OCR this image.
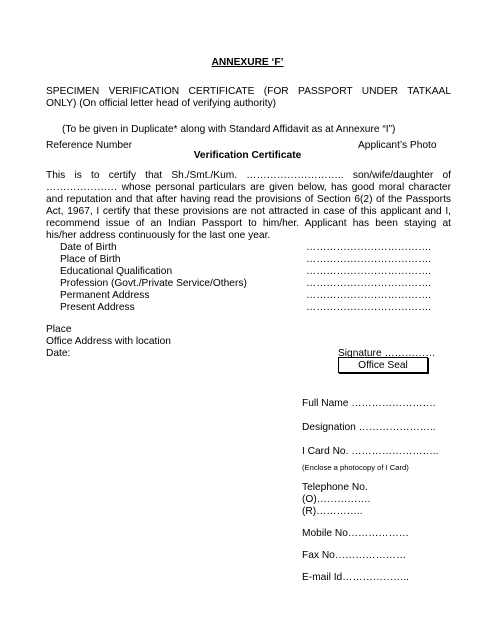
ANNEXURE ‘F’
SPECIMEN VERIFICATION CERTIFICATE (FOR PASSPORT UNDER TATKAAL
ONLY) (On official letter head of verifying authority)
(To be given in Duplicate* along with Standard Affidavit as at Annexure “I”)
Reference Number	Applicant’s Photo
Verification Certificate
This is to certify that Sh./Smt./Kum. ……………………….. son/wife/daughter of
………………… whose personal particulars are given below, has good moral character
and reputation and that after having read the provisions of Section 6(2) of the Passports
Act, 1967, I certify that these provisions are not attracted in case of this applicant and I,
recommend issue of an Indian Passport to him/her. Applicant has been staying at
his/her address continuously for the last one year.
Date of Birth	……………………………….
Place of Birth	……………………………….
Educational Qualification	……………………………….
Profession (Govt./Private Service/Others)	……………………………….
Permanent Address	……………………………….
Present Address	……………………………….
Place
Office Address with location
Date:	Signature ……………
Office Seal
Full Name …………………….
Designation …………………..
I Card No. ……………………..
(Enclose a photocopy of I Card)
Telephone No.
(O)…………….
(R)…………..
Mobile No………………
Fax No…………………
E-mail Id………………..
